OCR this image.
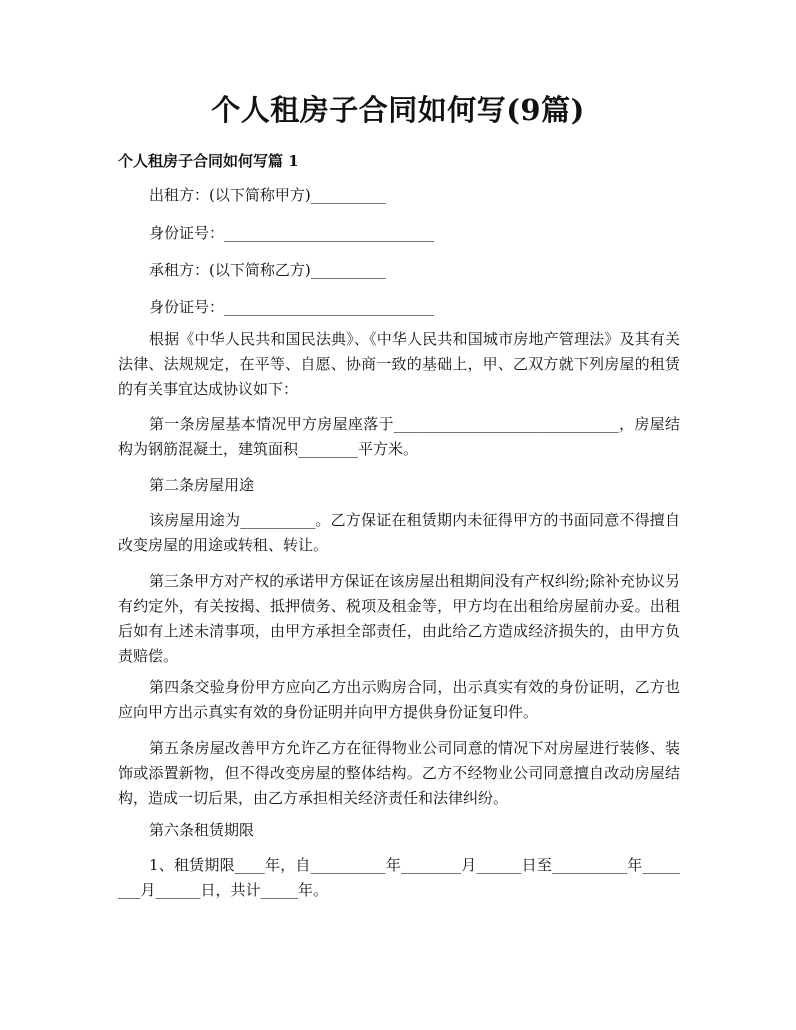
个人租房子合同如何写(9篇)
个人租房子合同如何写篇 1

出租方：(以下简称甲方)__________

身份证号：____________________________

承租方：(以下简称乙方)__________

身份证号：____________________________

根据《中华人民共和国民法典》、《中华人民共和国城市房地产管理法》及其有关法律、法规规定，在平等、自愿、协商一致的基础上，甲、乙双方就下列房屋的租赁的有关事宜达成协议如下：

第一条房屋基本情况甲方房屋座落于______________________________，房屋结构为钢筋混凝土，建筑面积________平方米。

第二条房屋用途

该房屋用途为__________。乙方保证在租赁期内未征得甲方的书面同意不得擅自改变房屋的用途或转租、转让。

第三条甲方对产权的承诺甲方保证在该房屋出租期间没有产权纠纷;除补充协议另有约定外，有关按揭、抵押债务、税项及租金等，甲方均在出租给房屋前办妥。出租后如有上述未清事项，由甲方承担全部责任，由此给乙方造成经济损失的，由甲方负责赔偿。

第四条交验身份甲方应向乙方出示购房合同，出示真实有效的身份证明，乙方也应向甲方出示真实有效的身份证明并向甲方提供身份证复印件。

第五条房屋改善甲方允许乙方在征得物业公司同意的情况下对房屋进行装修、装饰或添置新物，但不得改变房屋的整体结构。乙方不经物业公司同意擅自改动房屋结构，造成一切后果，由乙方承担相关经济责任和法律纠纷。

第六条租赁期限

1、租赁期限____年，自__________年________月______日至__________年________月______日，共计_____年。
